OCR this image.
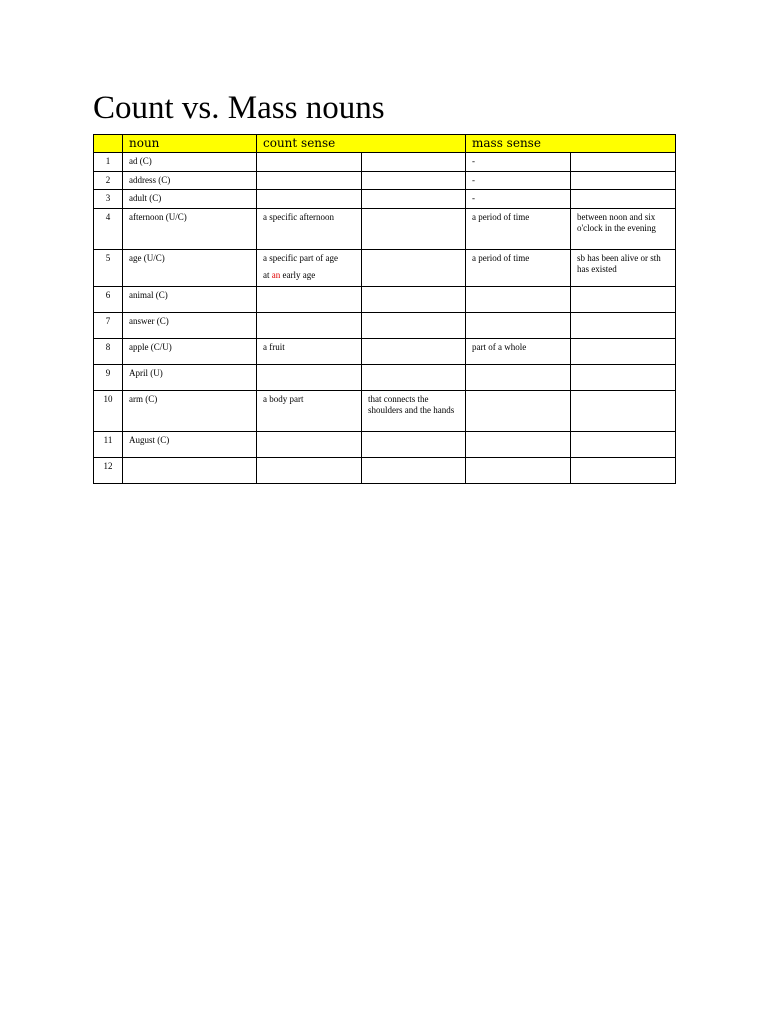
Count vs. Mass nouns
	noun	count sense		mass sense	
1	ad (C)			-	
2	address (C)			-	
3	adult (C)			-	
4	afternoon (U/C)	a specific afternoon		a period of time	between noon and six o'clock in the evening
5	age (U/C)	a specific part of age
at an early age		a period of time	sb has been alive or sth has existed
6	animal (C)				
7	answer (C)				
8	apple (C/U)	a fruit		part of a whole	
9	April (U)				
10	arm (C)	a body part	that connects the shoulders and the hands		
11	August (C)				
12					
